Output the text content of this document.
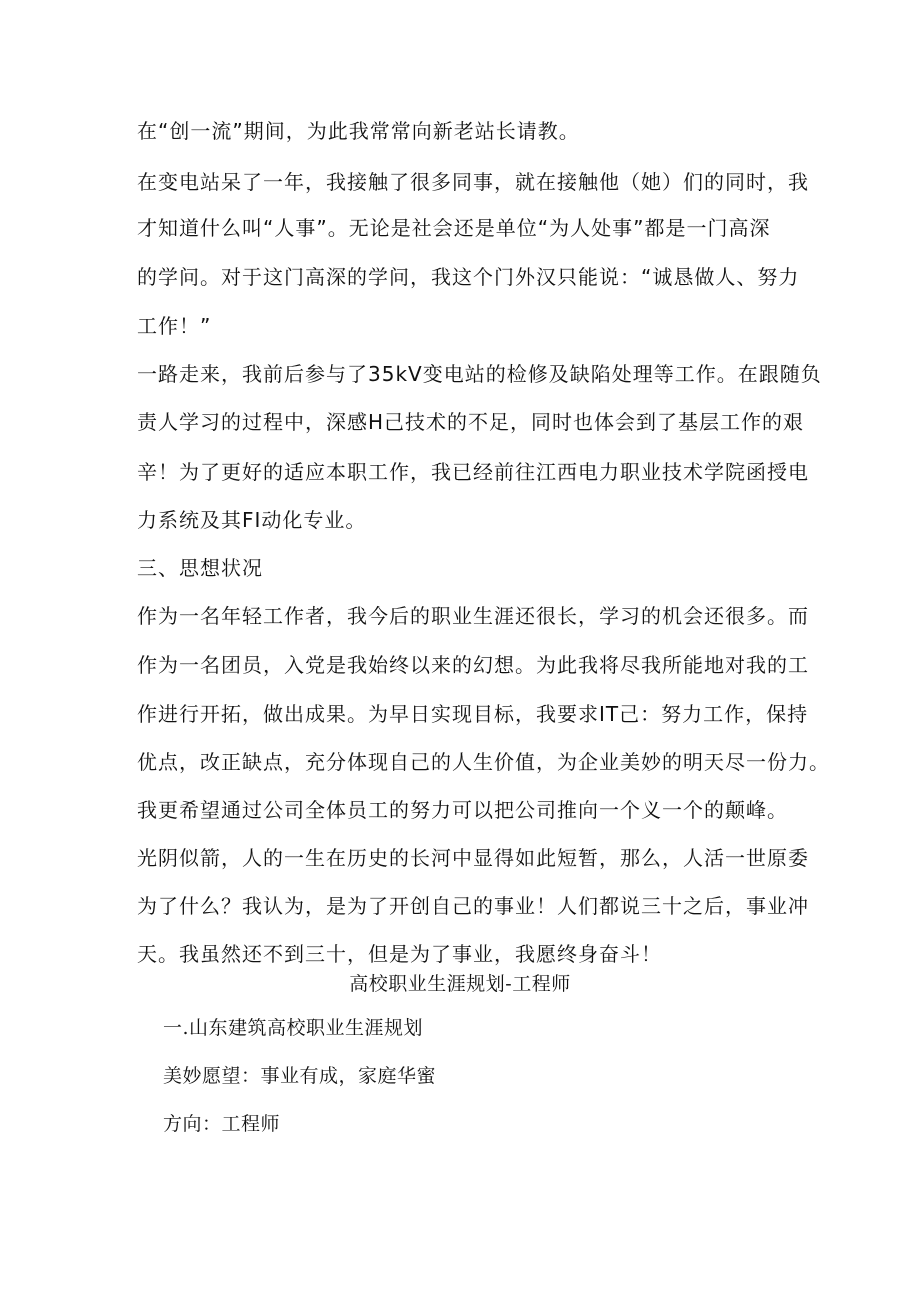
在“创一流”期间，为此我常常向新老站长请教。
在变电站呆了一年，我接触了很多同事，就在接触他（她）们的同时，我
才知道什么叫“人事”。无论是社会还是单位“为人处事”都是一门高深
的学问。对于这门高深的学问，我这个门外汉只能说：“诚恳做人、努力
工作！”
一路走来，我前后参与了35kV变电站的检修及缺陷处理等工作。在跟随负
责人学习的过程中，深感H己技术的不足，同时也体会到了基层工作的艰
辛！为了更好的适应本职工作，我已经前往江西电力职业技术学院函授电
力系统及其FI动化专业。
三、思想状况
作为一名年轻工作者，我今后的职业生涯还很长，学习的机会还很多。而
作为一名团员，入党是我始终以来的幻想。为此我将尽我所能地对我的工
作进行开拓，做出成果。为早日实现目标，我要求IT己：努力工作，保持
优点，改正缺点，充分体现自己的人生价值，为企业美妙的明天尽一份力。
我更希望通过公司全体员工的努力可以把公司推向一个义一个的颠峰。
光阴似箭，人的一生在历史的长河中显得如此短暂，那么，人活一世原委
为了什么？我认为，是为了开创自己的事业！人们都说三十之后，事业冲
天。我虽然还不到三十，但是为了事业，我愿终身奋斗！
高校职业生涯规划-工程师
一.山东建筑高校职业生涯规划
美妙愿望：事业有成，家庭华蜜
方向：工程师
